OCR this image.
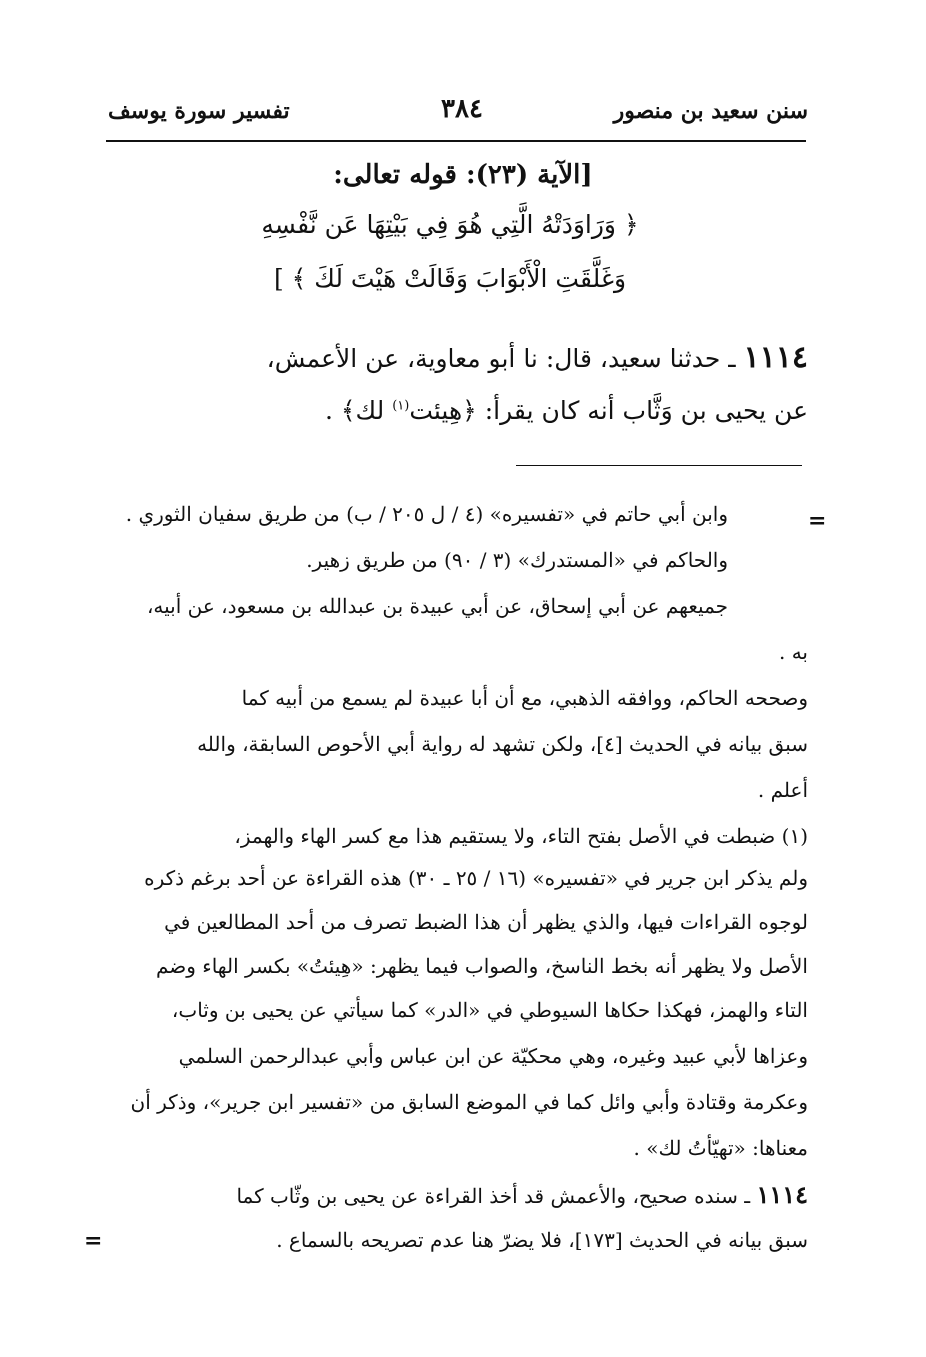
سنن سعيد بن منصور
٣٨٤
تفسير سورة يوسف
[الآية (٢٣): قوله تعالى:
﴿ وَرَاوَدَتْهُ الَّتِي هُوَ فِي بَيْتِهَا عَن نَّفْسِهِ
وَغَلَّقَتِ الْأَبْوَابَ وَقَالَتْ هَيْتَ لَكَ ﴾ ]
١١١٤ ـ حدثنا سعيد، قال: نا أبو معاوية، عن الأعمش،
عن يحيى بن وَثَّاب أنه كان يقرأ: ﴿هِيئت$^{(١)}$ لك﴾ .
=
وابن أبي حاتم في «تفسيره» (٤ / ل ٢٠٥ / ب) من طريق سفيان الثوري .
والحاكم في «المستدرك» (٣ / ٩٠) من طريق زهير.
جميعهم عن أبي إسحاق، عن أبي عبيدة بن عبدالله بن مسعود، عن أبيه،
به .
وصححه الحاكم، ووافقه الذهبي، مع أن أبا عبيدة لم يسمع من أبيه كما
سبق بيانه في الحديث [٤]، ولكن تشهد له رواية أبي الأحوص السابقة، والله
أعلم .
(١) ضبطت في الأصل بفتح التاء، ولا يستقيم هذا مع كسر الهاء والهمز،
ولم يذكر ابن جرير في «تفسيره» (١٦ / ٢٥ ـ ٣٠) هذه القراءة عن أحد برغم ذكره
لوجوه القراءات فيها، والذي يظهر أن هذا الضبط تصرف من أحد المطالعين في
الأصل ولا يظهر أنه بخط الناسخ، والصواب فيما يظهر: «هِيئتُ» بكسر الهاء وضم
التاء والهمز، فهكذا حكاها السيوطي في «الدر» كما سيأتي عن يحيى بن وثاب،
وعزاها لأبي عبيد وغيره، وهي محكيّة عن ابن عباس وأبي عبدالرحمن السلمي
وعكرمة وقتادة وأبي وائل كما في الموضع السابق من «تفسير ابن جرير»، وذكر أن
معناها: «تهيّأتُ لك» .
١١١٤ ـ سنده صحيح، والأعمش قد أخذ القراءة عن يحيى بن وثّاب كما
سبق بيانه في الحديث [١٧٣]، فلا يضرّ هنا عدم تصريحه بالسماع .
=
